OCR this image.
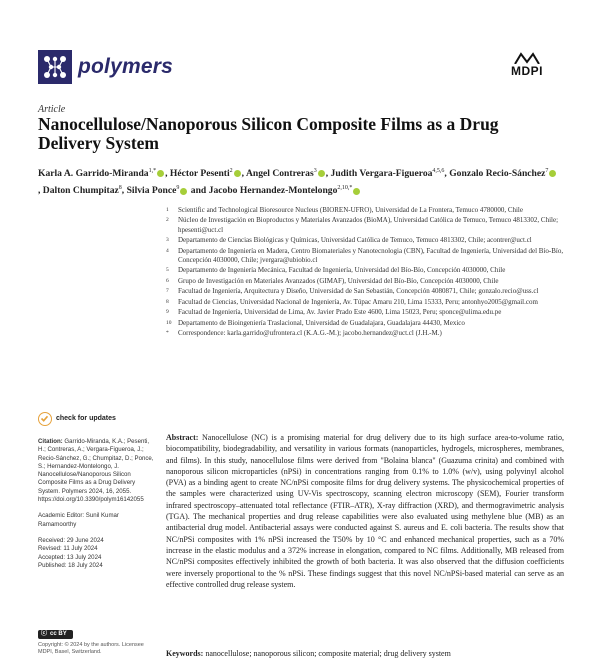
polymers	MDPI
Article
Nanocellulose/Nanoporous Silicon Composite Films as a Drug Delivery System
Karla A. Garrido-Miranda$^{1,*}$ , Héctor Pesenti$^2$ , Angel Contreras$^3$ , Judith Vergara-Figueroa$^{4,5,6}$, Gonzalo Recio-Sánchez$^7$, Dalton Chumpitaz$^8$, Silvia Ponce$^9$ and Jacobo Hernandez-Montelongo$^{2,10,*}$
1	Scientific and Technological Bioresource Nucleus (BIOREN-UFRO), Universidad de La Frontera, Temuco 4780000, Chile
2	Núcleo de Investigación en Bioproductos y Materiales Avanzados (BioMA), Universidad Católica de Temuco, Temuco 4813302, Chile; hpesenti@uct.cl
3	Departamento de Ciencias Biológicas y Químicas, Universidad Católica de Temuco, Temuco 4813302, Chile; acontrer@uct.cl
4	Departamento de Ingeniería en Madera, Centro Biomateriales y Nanotecnologia (CBN), Facultad de Ingeniería, Universidad del Bío-Bío, Concepción 4030000, Chile; jvergara@ubiobio.cl
5	Departamento de Ingeniería Mecánica, Facultad de Ingeniería, Universidad del Bío-Bío, Concepción 4030000, Chile
6	Grupo de Investigación en Materiales Avanzados (GIMAF), Universidad del Bío-Bío, Concepción 4030000, Chile
7	Facultad de Ingeniería, Arquitectura y Diseño, Universidad de San Sebastián, Concepción 4080871, Chile; gonzalo.recio@uss.cl
8	Facultad de Ciencias, Universidad Nacional de Ingeniería, Av. Túpac Amaru 210, Lima 15333, Peru; antonhyo2005@gmail.com
9	Facultad de Ingeniería, Universidad de Lima, Av. Javier Prado Este 4600, Lima 15023, Peru; sponce@ulima.edu.pe
10 Departamento de Bioingeniería Traslacional, Universidad de Guadalajara, Guadalajara 44430, Mexico
*	Correspondence: karla.garrido@ufrontera.cl (K.A.G.-M.); jacobo.hernandez@uct.cl (J.H.-M.)
check for updates
Citation: Garrido-Miranda, K.A.; Pesenti, H.; Contreras, A.; Vergara-Figueroa, J.; Recio-Sánchez, G.; Chumpitaz, D.; Ponce, S.; Hernandez-Montelongo, J. Nanocellulose/Nanoporous Silicon Composite Films as a Drug Delivery System. Polymers 2024, 16, 2055. https://doi.org/10.3390/polym16142055
Academic Editor: Sunil Kumar Ramamoorthy
Received: 29 June 2024
Revised: 11 July 2024
Accepted: 13 July 2024
Published: 18 July 2024
ⓒ cc BY
Copyright: © 2024 by the authors. Licensee MDPI, Basel, Switzerland.
Abstract: Nanocellulose (NC) is a promising material for drug delivery due to its high surface area-to-volume ratio, biocompatibility, biodegradability, and versatility in various formats (nanoparticles, hydrogels, microspheres, membranes, and films). In this study, nanocellulose films were derived from "Bolaina blanca" (Guazuma crinita) and combined with nanoporous silicon microparticles (nPSi) in concentrations ranging from 0.1% to 1.0% (w/v), using polyvinyl alcohol (PVA) as a binding agent to create NC/nPSi composite films for drug delivery systems. The physicochemical properties of the samples were characterized using UV-Vis spectroscopy, scanning electron microscopy (SEM), Fourier transform infrared spectroscopy–attenuated total reflectance (FTIR–ATR), X-ray diffraction (XRD), and thermogravimetric analysis (TGA). The mechanical properties and drug release capabilities were also evaluated using methylene blue (MB) as an antibacterial drug model. Antibacterial assays were conducted against S. aureus and E. coli bacteria. The results show that NC/nPSi composites with 1% nPSi increased the T50% by 10 °C and enhanced mechanical properties, such as a 70% increase in the elastic modulus and a 372% increase in elongation, compared to NC films. Additionally, MB released from NC/nPSi composites effectively inhibited the growth of both bacteria. It was also observed that the diffusion coefficients were inversely proportional to the % nPSi. These findings suggest that this novel NC/nPSi-based material can serve as an effective controlled drug release system.
Keywords: nanocellulose; nanoporous silicon; composite material; drug delivery system
